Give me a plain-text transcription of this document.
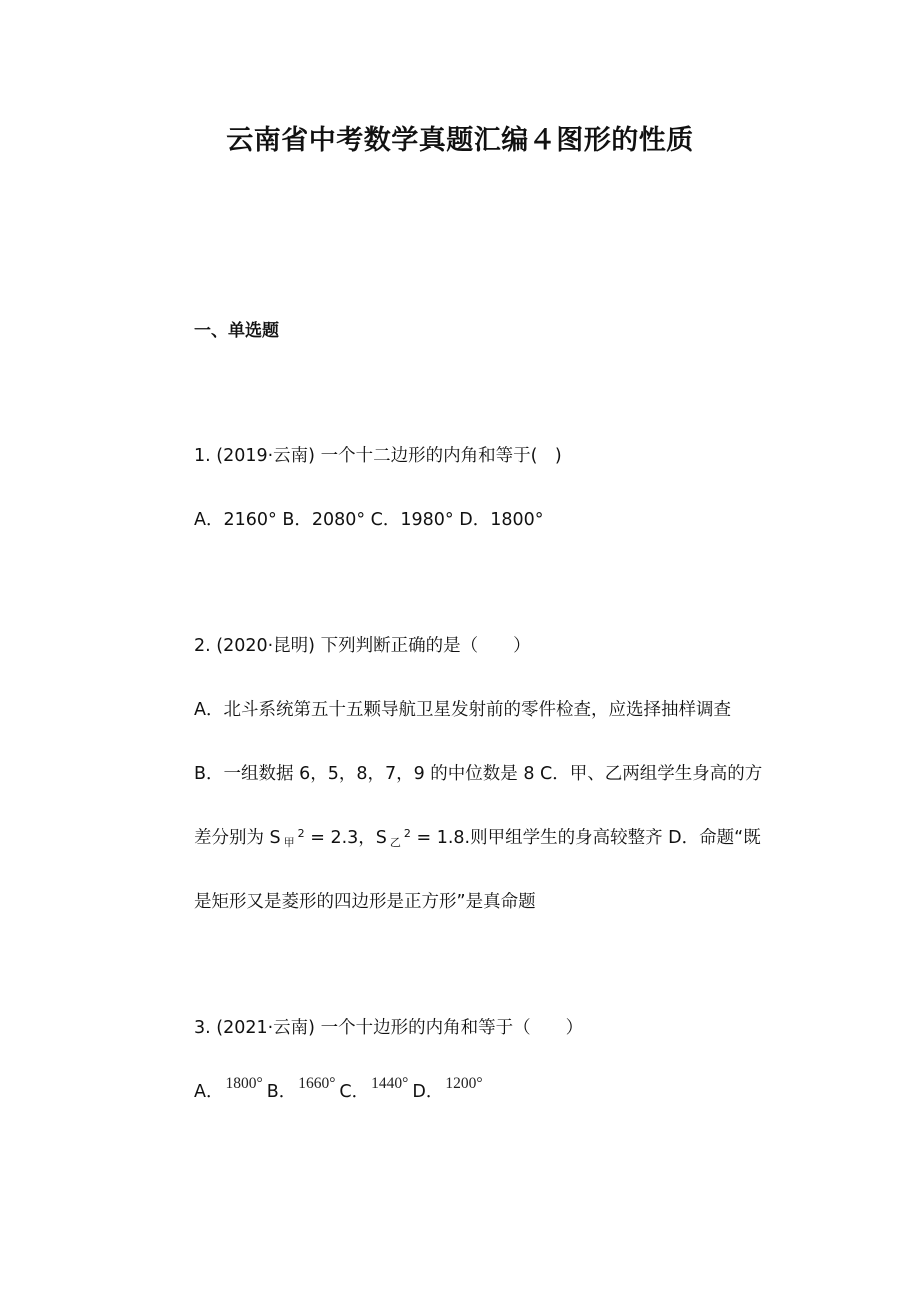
云南省中考数学真题汇编４图形的性质
一、单选题
1. (2019·云南) 一个十二边形的内角和等于(　)
A．2160° B．2080° C．1980° D．1800°
2. (2020·昆明) 下列判断正确的是（　　）
A．北斗系统第五十五颗导航卫星发射前的零件检查，应选择抽样调查
B．一组数据 6，5，8，7，9 的中位数是 8 C．甲、乙两组学生身高的方
差分别为 S 甲$^2$ = 2.3，S 乙$^2$ = 1.8.则甲组学生的身高较整齐 D．命题“既
是矩形又是菱形的四边形是正方形”是真命题
3. (2021·云南) 一个十边形的内角和等于（　　）
A． 1800° B． 1660° C． 1440° D． 1200°
